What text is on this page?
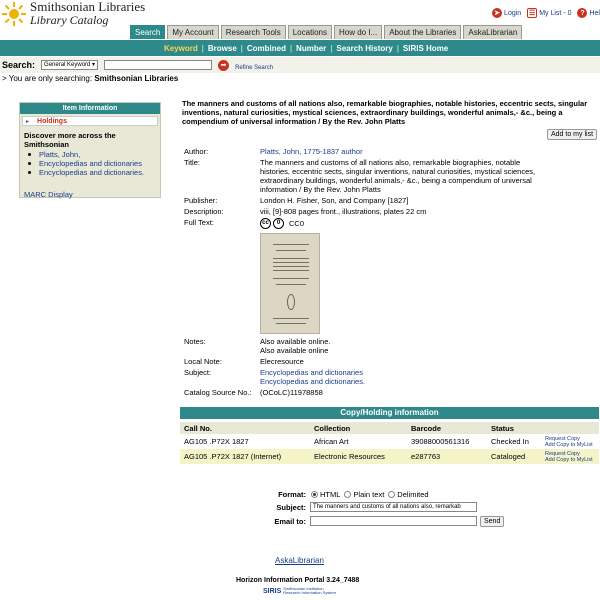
Smithsonian Libraries
Library Catalog	➤ Login ☰ My List - 0	? Hel
Search	My Account	Research Tools	Locations	How do I...	About the Libraries	AskaLibrarian
Keyword | Browse | Combined | Number | Search History | SIRIS Home
Search: General Keyword ▾	➡ Refine Search
> You are only searching: Smithsonian Libraries
Item Information
▸ Holdings
Discover more across the Smithsonian
Platts, John,
Encyclopedias and dictionaries
Encyclopedias and dictionaries.
MARC Display
The manners and customs of all nations also, remarkable biographies, notable histories, eccentric sects, singular inventions, natural curiosities, mystical sciences, extraordinary buildings, wonderful animals,- &c., being a compendium of universal information / By the Rev. John Platts
Add to my list
Author:	Platts, John, 1775-1837 author
Title:	The manners and customs of all nations also, remarkable biographies, notable histories, eccentric sects, singular inventions, natural curiosities, mystical sciences, extraordinary buildings, wonderful animals,- &c., being a compendium of universal information / By the Rev. John Platts
Publisher:	London H. Fisher, Son, and Company [1827]
Description:	viii, [9]-808 pages front., illustrations, plates 22 cm
Full Text:	cc	0	CC0
Notes:	Also available online.
Also available online
Local Note:	Elecresource
Subject:	Encyclopedias and dictionaries
Encyclopedias and dictionaries.
Catalog Source No.: (OCoLC)11978858
Copy/Holding information
Call No.	Collection	Barcode	Status	
AG105 .P72X 1827	African Art	39088000561316	Checked In	Request Copy
Add Copy to MyList

AG105 .P72X 1827 (Internet)	Electronic Resources	e287763	Cataloged	Request Copy
Add Copy to MyList
Format: HTML Plain text Delimited
Subject:	The manners and customs of all nations also, remarkab
Email to:	Send
AskaLibrarian
Horizon Information Portal 3.24_7488
SIRIS Smithsonian Institution
Research Information System
